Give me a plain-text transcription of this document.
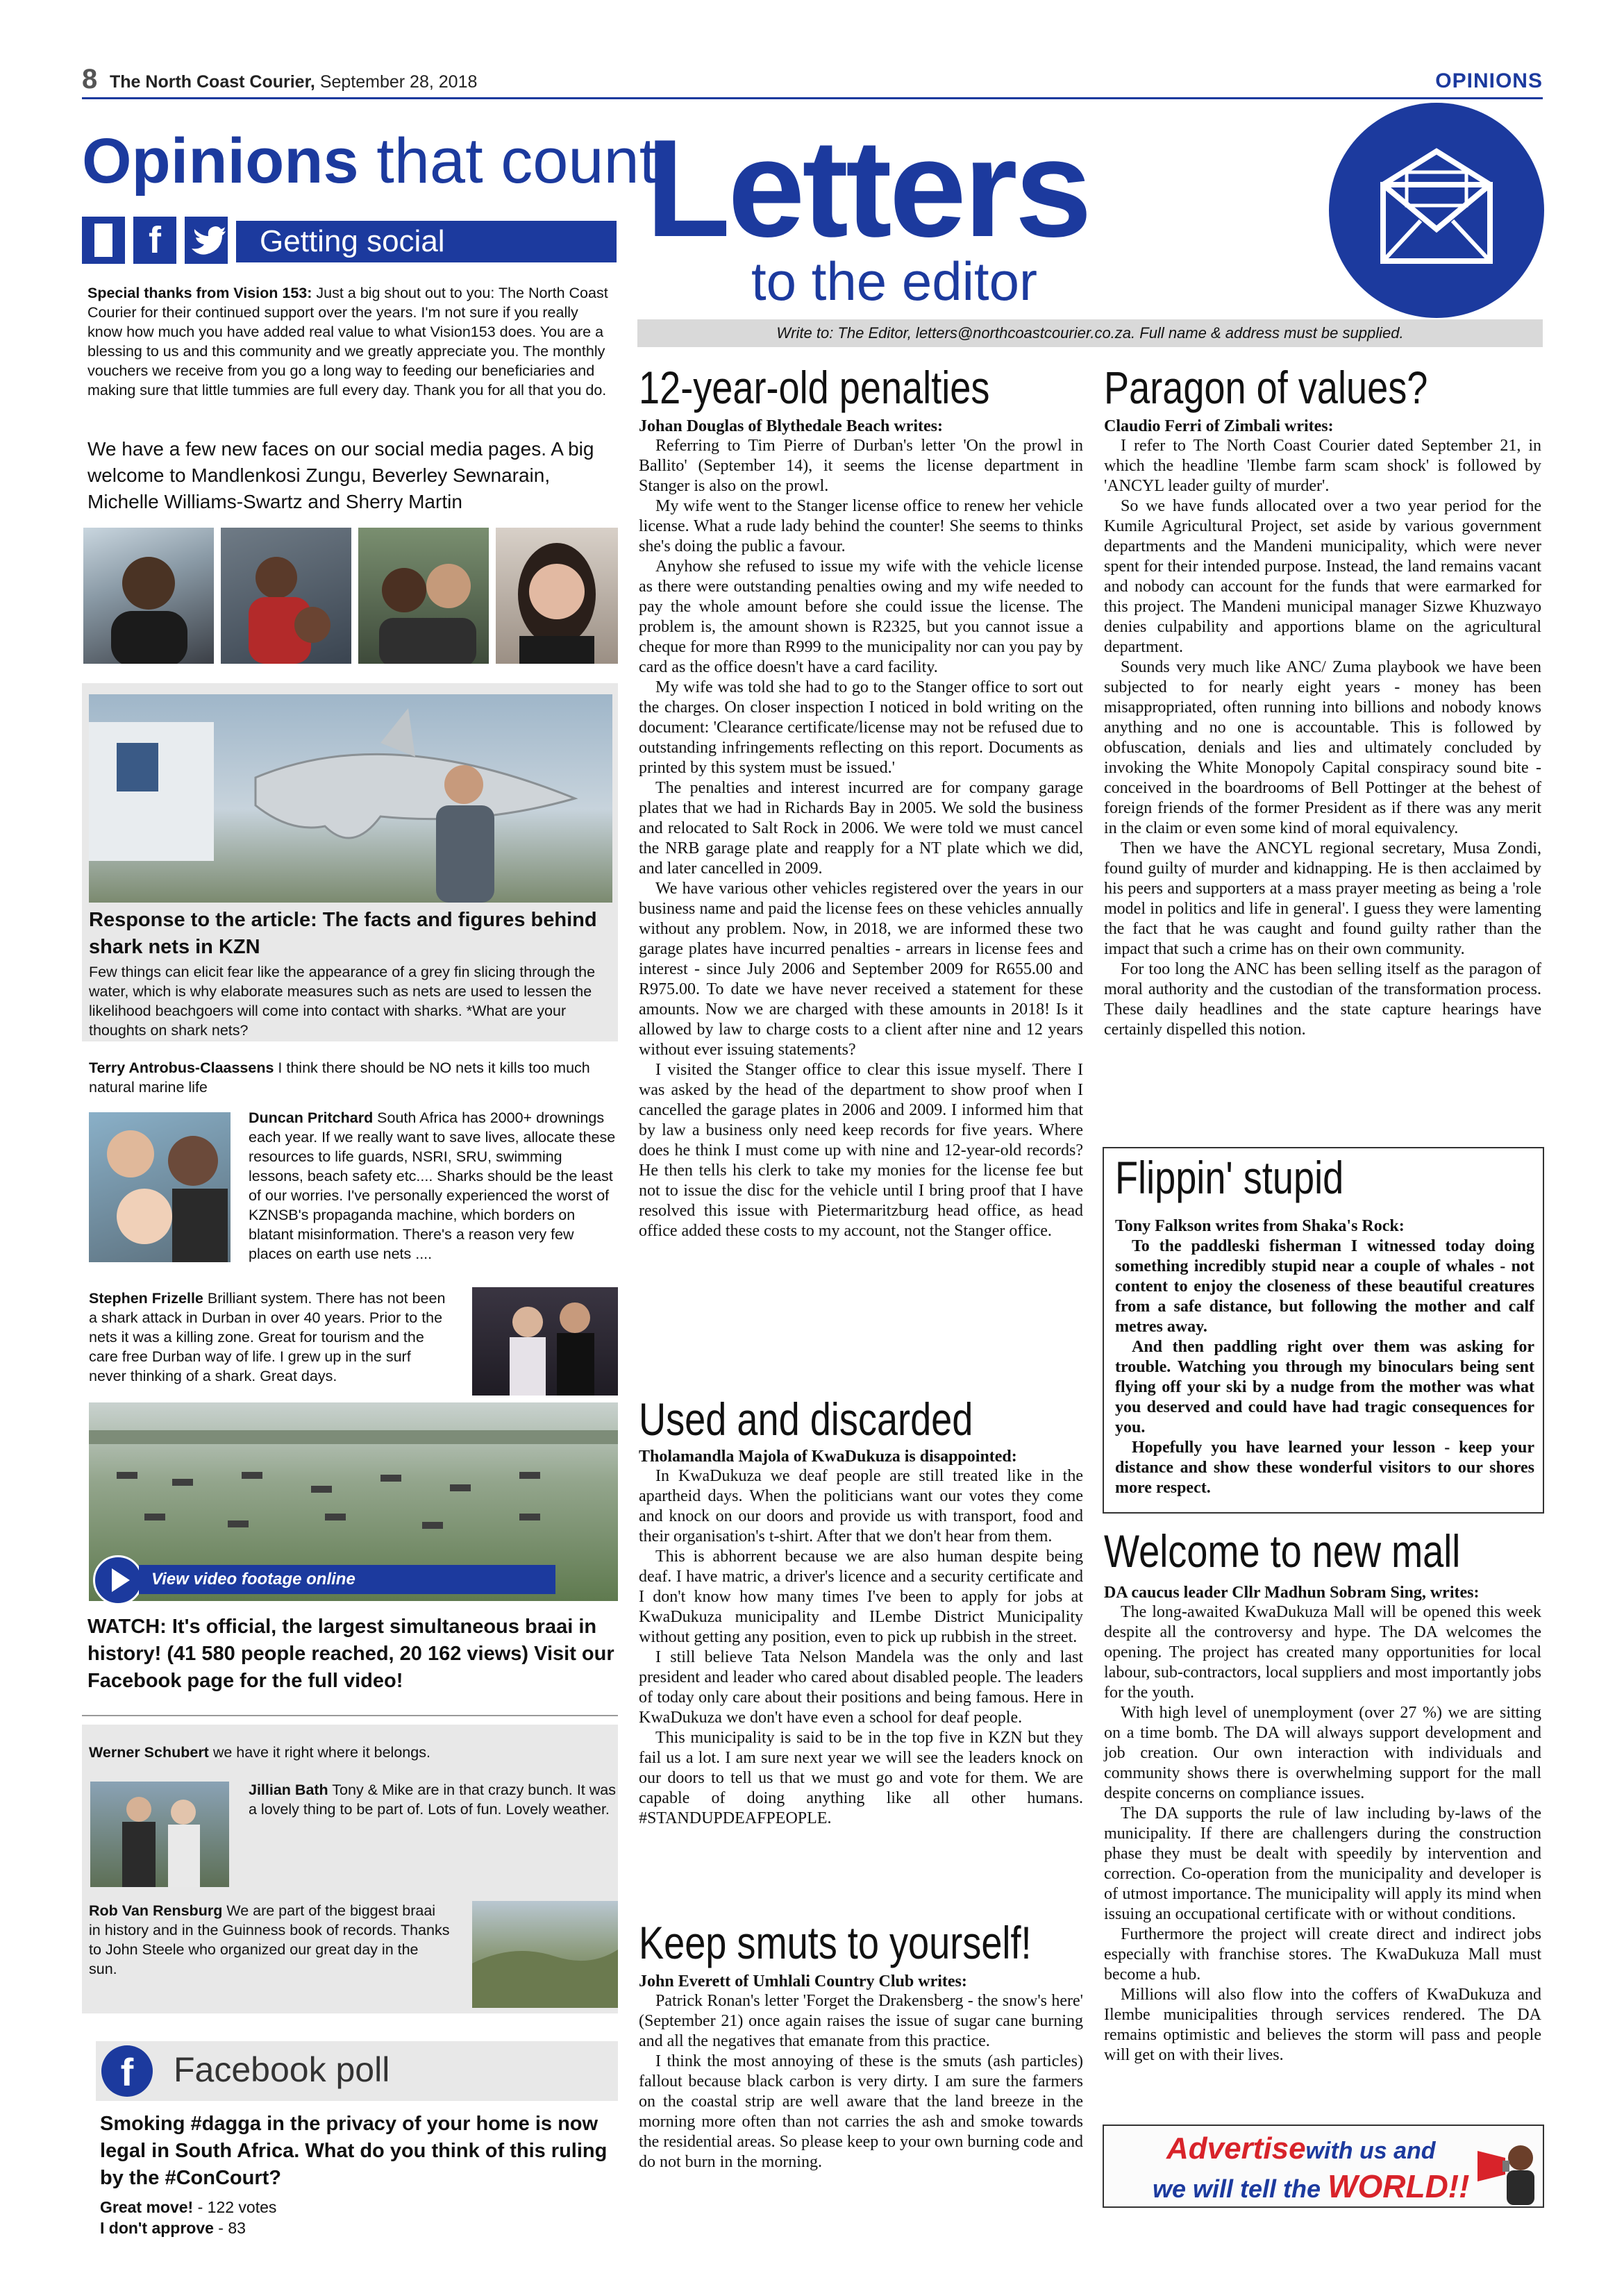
8 The North Coast Courier, September 28, 2018	OPINIONS
Opinions that count
f	Getting social
Special thanks from Vision 153: Just a big shout out to you: The North Coast Courier for their continued support over the years. I'm not sure if you really know how much you have added real value to what Vision153 does. You are a blessing to us and this community and we greatly appreciate you. The monthly vouchers we receive from you go a long way to feeding our beneficiaries and making sure that little tummies are full every day. Thank you for all that you do.
We have a few new faces on our social media pages. A big welcome to Mandlenkosi Zungu, Beverley Sewnarain, Michelle Williams-Swartz and Sherry Martin
Response to the article: The facts and figures behind shark nets in KZN
Few things can elicit fear like the appearance of a grey fin slicing through the water, which is why elaborate measures such as nets are used to lessen the likelihood beachgoers will come into contact with sharks. *What are your thoughts on shark nets?
Terry Antrobus-Claassens I think there should be NO nets it kills too much natural marine life
Duncan Pritchard South Africa has 2000+ drownings each year. If we really want to save lives, allocate these resources to life guards, NSRI, SRU, swimming lessons, beach safety etc.... Sharks should be the least of our worries. I've personally experienced the worst of KZNSB's propaganda machine, which borders on blatant misinformation. There's a reason very few places on earth use nets ....
Stephen Frizelle Brilliant system. There has not been a shark attack in Durban in over 40 years. Prior to the nets it was a killing zone. Great for tourism and the care free Durban way of life. I grew up in the surf never thinking of a shark. Great days.
View video footage online www.northcoastcourier.co.za
WATCH: It's official, the largest simultaneous braai in history! (41 580 people reached, 20 162 views) Visit our Facebook page for the full video!
Werner Schubert we have it right where it belongs.
Jillian Bath Tony & Mike are in that crazy bunch. It was a lovely thing to be part of. Lots of fun. Lovely weather.
Rob Van Rensburg We are part of the biggest braai in history and in the Guinness book of records. Thanks to John Steele who organized our great day in the sun.
f	Facebook poll
Smoking #dagga in the privacy of your home is now legal in South Africa. What do you think of this ruling by the #ConCourt?
Great move! - 122 votes
I don't approve - 83
Letters
to the editor
Write to: The Editor, letters@northcoastcourier.co.za. Full name & address must be supplied.
12-year-old penalties
Johan Douglas of Blythedale Beach writes:

Referring to Tim Pierre of Durban's letter 'On the prowl in Ballito' (September 14), it seems the license department in Stanger is also on the prowl.

My wife went to the Stanger license office to renew her vehicle license. What a rude lady behind the counter! She seems to thinks she's doing the public a favour.

Anyhow she refused to issue my wife with the vehicle license as there were outstanding penalties owing and my wife needed to pay the whole amount before she could issue the license. The problem is, the amount shown is R2325, but you cannot issue a cheque for more than R999 to the municipality nor can you pay by card as the office doesn't have a card facility.

My wife was told she had to go to the Stanger office to sort out the charges. On closer inspection I noticed in bold writing on the document: 'Clearance certificate/license may not be refused due to outstanding infringements reflecting on this report. Documents as printed by this system must be issued.'

The penalties and interest incurred are for company garage plates that we had in Richards Bay in 2005. We sold the business and relocated to Salt Rock in 2006. We were told we must cancel the NRB garage plate and reapply for a NT plate which we did, and later cancelled in 2009.

We have various other vehicles registered over the years in our business name and paid the license fees on these vehicles annually without any problem. Now, in 2018, we are informed these two garage plates have incurred penalties - arrears in license fees and interest - since July 2006 and September 2009 for R655.00 and R975.00. To date we have never received a statement for these amounts. Now we are charged with these amounts in 2018! Is it allowed by law to charge costs to a client after nine and 12 years without ever issuing statements?

I visited the Stanger office to clear this issue myself. There I was asked by the head of the department to show proof when I cancelled the garage plates in 2006 and 2009. I informed him that by law a business only need keep records for five years. Where does he think I must come up with nine and 12-year-old records? He then tells his clerk to take my monies for the license fee but not to issue the disc for the vehicle until I bring proof that I have resolved this issue with Pietermaritzburg head office, as head office added these costs to my account, not the Stanger office.

Used and discarded
Tholamandla Majola of KwaDukuza is disappointed:

In KwaDukuza we deaf people are still treated like in the apartheid days. When the politicians want our votes they come and knock on our doors and provide us with transport, food and their organisation's t-shirt. After that we don't hear from them.

This is abhorrent because we are also human despite being deaf. I have matric, a driver's licence and a security certificate and I don't know how many times I've been to apply for jobs at KwaDukuza municipality and ILembe District Municipality without getting any position, even to pick up rubbish in the street.

I still believe Tata Nelson Mandela was the only and last president and leader who cared about disabled people. The leaders of today only care about their positions and being famous. Here in KwaDukuza we don't have even a school for deaf people.

This municipality is said to be in the top five in KZN but they fail us a lot. I am sure next year we will see the leaders knock on our doors to tell us that we must go and vote for them. We are capable of doing anything like all other humans. #STANDUPDEAFPEOPLE.

Keep smuts to yourself!
John Everett of Umhlali Country Club writes:

Patrick Ronan's letter 'Forget the Drakensberg - the snow's here' (September 21) once again raises the issue of sugar cane burning and all the negatives that emanate from this practice.

I think the most annoying of these is the smuts (ash particles) fallout because black carbon is very dirty. I am sure the farmers on the coastal strip are well aware that the land breeze in the morning more often than not carries the ash and smoke towards the residential areas. So please keep to your own burning code and do not burn in the morning.

Paragon of values?
Claudio Ferri of Zimbali writes:

I refer to The North Coast Courier dated September 21, in which the headline 'Ilembe farm scam shock' is followed by 'ANCYL leader guilty of murder'.

So we have funds allocated over a two year period for the Kumile Agricultural Project, set aside by various government departments and the Mandeni municipality, which were never spent for their intended purpose. Instead, the land remains vacant and nobody can account for the funds that were earmarked for this project. The Mandeni municipal manager Sizwe Khuzwayo denies culpability and apportions blame on the agricultural department.

Sounds very much like ANC/ Zuma playbook we have been subjected to for nearly eight years - money has been misappropriated, often running into billions and nobody knows anything and no one is accountable. This is followed by obfuscation, denials and lies and ultimately concluded by invoking the White Monopoly Capital conspiracy sound bite - conceived in the boardrooms of Bell Pottinger at the behest of foreign friends of the former President as if there was any merit in the claim or even some kind of moral equivalency.

Then we have the ANCYL regional secretary, Musa Zondi, found guilty of murder and kidnapping. He is then acclaimed by his peers and supporters at a mass prayer meeting as being a 'role model in politics and life in general'. I guess they were lamenting the fact that he was caught and found guilty rather than the impact that such a crime has on their own community.

For too long the ANC has been selling itself as the paragon of moral authority and the custodian of the transformation process. These daily headlines and the state capture hearings have certainly dispelled this notion.

Flippin' stupid
Tony Falkson writes from Shaka's Rock:

To the paddleski fisherman I witnessed today doing something incredibly stupid near a couple of whales - not content to enjoy the closeness of these beautiful creatures from a safe distance, but following the mother and calf metres away.

And then paddling right over them was asking for trouble. Watching you through my binoculars being sent flying off your ski by a nudge from the mother was what you deserved and could have had tragic consequences for you.

Hopefully you have learned your lesson - keep your distance and show these wonderful visitors to our shores more respect.

Welcome to new mall
DA caucus leader Cllr Madhun Sobram Sing, writes:

The long-awaited KwaDukuza Mall will be opened this week despite all the controversy and hype. The DA welcomes the opening. The project has created many opportunities for local labour, sub-contractors, local suppliers and most importantly jobs for the youth.

With high level of unemployment (over 27 %) we are sitting on a time bomb. The DA will always support development and job creation. Our own interaction with individuals and community shows there is overwhelming support for the mall despite concerns on compliance issues.

The DA supports the rule of law including by-laws of the municipality. If there are challengers during the construction phase they must be dealt with speedily by intervention and correction. Co-operation from the municipality and developer is of utmost importance. The municipality will apply its mind when issuing an occupational certificate with or without conditions.

Furthermore the project will create direct and indirect jobs especially with franchise stores. The KwaDukuza Mall must become a hub.

Millions will also flow into the coffers of KwaDukuza and Ilembe municipalities through services rendered. The DA remains optimistic and believes the storm will pass and people will get on with their lives.

Advertisewith us and
we will tell the WORLD!!
